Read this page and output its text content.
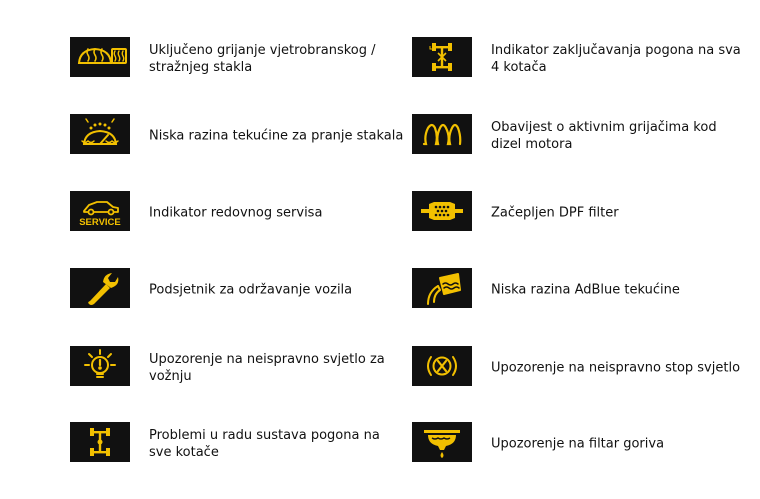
Uključeno grijanje vjetrobranskog / stražnjeg stakla
Niska razina tekućine za pranje stakala
SERVICE
Indikator redovnog servisa
Podsjetnik za održavanje vozila
Upozorenje na neispravno svjetlo za vožnju
Problemi u radu sustava pogona na sve kotače
Indikator zaključavanja pogona na sva 4 kotača
Obavijest o aktivnim grijačima kod dizel motora
Začepljen DPF filter
Niska razina AdBlue tekućine
Upozorenje na neispravno stop svjetlo
Upozorenje na filtar goriva
